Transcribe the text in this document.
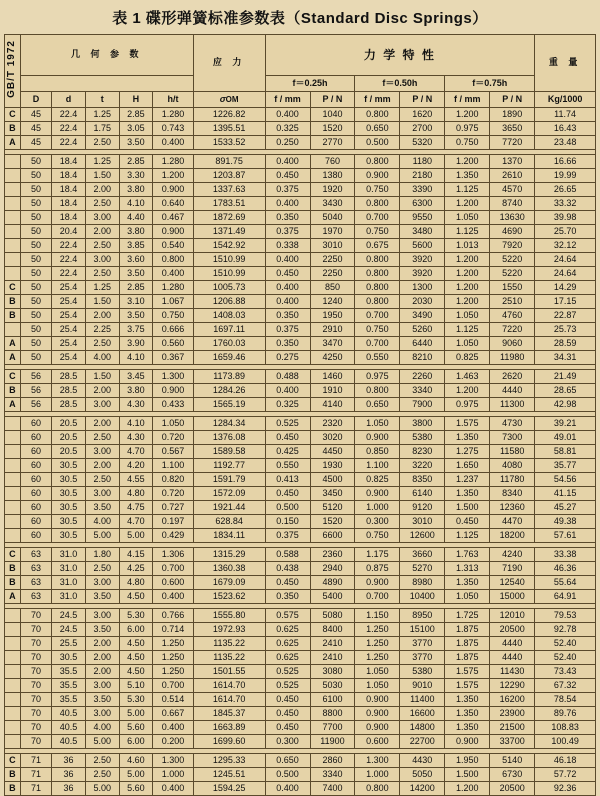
表 1 碟形弹簧标准参数表（Standard Disc Springs）
GB/T 1972	几 何 参 数					应 力	力 学 特 性						重 量
							f＝0.25h		f＝0.50h		f＝0.75h		
	D	d	t	H	h/t	σOM	f / mm	P / N	f / mm	P / N	f / mm	P / N	Kg/1000
C	45	22.4	1.25	2.85	1.280	1226.82	0.400	1040	0.800	1620	1.200	1890	11.74
B	45	22.4	1.75	3.05	0.743	1395.51	0.325	1520	0.650	2700	0.975	3650	16.43
A	45	22.4	2.50	3.50	0.400	1533.52	0.250	2770	0.500	5320	0.750	7720	23.48

	50	18.4	1.25	2.85	1.280	891.75	0.400	760	0.800	1180	1.200	1370	16.66
	50	18.4	1.50	3.30	1.200	1203.87	0.450	1380	0.900	2180	1.350	2610	19.99
	50	18.4	2.00	3.80	0.900	1337.63	0.375	1920	0.750	3390	1.125	4570	26.65
	50	18.4	2.50	4.10	0.640	1783.51	0.400	3430	0.800	6300	1.200	8740	33.32
	50	18.4	3.00	4.40	0.467	1872.69	0.350	5040	0.700	9550	1.050	13630	39.98
	50	20.4	2.00	3.80	0.900	1371.49	0.375	1970	0.750	3480	1.125	4690	25.70
	50	22.4	2.50	3.85	0.540	1542.92	0.338	3010	0.675	5600	1.013	7920	32.12
	50	22.4	3.00	3.60	0.800	1510.99	0.400	2250	0.800	3920	1.200	5220	24.64
	50	22.4	2.50	3.50	0.400	1510.99	0.450	2250	0.800	3920	1.200	5220	24.64
C	50	25.4	1.25	2.85	1.280	1005.73	0.400	850	0.800	1300	1.200	1550	14.29
B	50	25.4	1.50	3.10	1.067	1206.88	0.400	1240	0.800	2030	1.200	2510	17.15
B	50	25.4	2.00	3.50	0.750	1408.03	0.350	1950	0.700	3490	1.050	4760	22.87
	50	25.4	2.25	3.75	0.666	1697.11	0.375	2910	0.750	5260	1.125	7220	25.73
A	50	25.4	2.50	3.90	0.560	1760.03	0.350	3470	0.700	6440	1.050	9060	28.59
A	50	25.4	4.00	4.10	0.367	1659.46	0.275	4250	0.550	8210	0.825	11980	34.31

C	56	28.5	1.50	3.45	1.300	1173.89	0.488	1460	0.975	2260	1.463	2620	21.49
B	56	28.5	2.00	3.80	0.900	1284.26	0.400	1910	0.800	3340	1.200	4440	28.65
A	56	28.5	3.00	4.30	0.433	1565.19	0.325	4140	0.650	7900	0.975	11300	42.98

	60	20.5	2.00	4.10	1.050	1284.34	0.525	2320	1.050	3800	1.575	4730	39.21
	60	20.5	2.50	4.30	0.720	1376.08	0.450	3020	0.900	5380	1.350	7300	49.01
	60	20.5	3.00	4.70	0.567	1589.58	0.425	4450	0.850	8230	1.275	11580	58.81
	60	30.5	2.00	4.20	1.100	1192.77	0.550	1930	1.100	3220	1.650	4080	35.77
	60	30.5	2.50	4.55	0.820	1591.79	0.413	4500	0.825	8350	1.237	11780	54.56
	60	30.5	3.00	4.80	0.720	1572.09	0.450	3450	0.900	6140	1.350	8340	41.15
	60	30.5	3.50	4.75	0.727	1921.44	0.500	5120	1.000	9120	1.500	12360	45.27
	60	30.5	4.00	4.70	0.197	628.84	0.150	1520	0.300	3010	0.450	4470	49.38
	60	30.5	5.00	5.00	0.429	1834.11	0.375	6600	0.750	12600	1.125	18200	57.61

C	63	31.0	1.80	4.15	1.306	1315.29	0.588	2360	1.175	3660	1.763	4240	33.38
B	63	31.0	2.50	4.25	0.700	1360.38	0.438	2940	0.875	5270	1.313	7190	46.36
B	63	31.0	3.00	4.80	0.600	1679.09	0.450	4890	0.900	8980	1.350	12540	55.64
A	63	31.0	3.50	4.50	0.400	1523.62	0.350	5400	0.700	10400	1.050	15000	64.91

	70	24.5	3.00	5.30	0.766	1555.80	0.575	5080	1.150	8950	1.725	12010	79.53
	70	24.5	3.50	6.00	0.714	1972.93	0.625	8400	1.250	15100	1.875	20500	92.78
	70	25.5	2.00	4.50	1.250	1135.22	0.625	2410	1.250	3770	1.875	4440	52.40
	70	30.5	2.00	4.50	1.250	1135.22	0.625	2410	1.250	3770	1.875	4440	52.40
	70	35.5	2.00	4.50	1.250	1501.55	0.525	3080	1.050	5380	1.575	11430	73.43
	70	35.5	3.00	5.10	0.700	1614.70	0.525	5030	1.050	9010	1.575	12290	67.32
	70	35.5	3.50	5.30	0.514	1614.70	0.450	6100	0.900	11400	1.350	16200	78.54
	70	40.5	3.00	5.00	0.667	1845.37	0.450	8800	0.900	16600	1.350	23900	89.76
	70	40.5	4.00	5.60	0.400	1663.89	0.450	7700	0.900	14800	1.350	21500	108.83
	70	40.5	5.00	6.00	0.200	1699.60	0.300	11900	0.600	22700	0.900	33700	100.49

C	71	36	2.50	4.60	1.300	1295.33	0.650	2860	1.300	4430	1.950	5140	46.18
B	71	36	2.50	5.00	1.000	1245.51	0.500	3340	1.000	5050	1.500	6730	57.72
B	71	36	5.00	5.60	0.400	1594.25	0.400	7400	0.800	14200	1.200	20500	92.36
